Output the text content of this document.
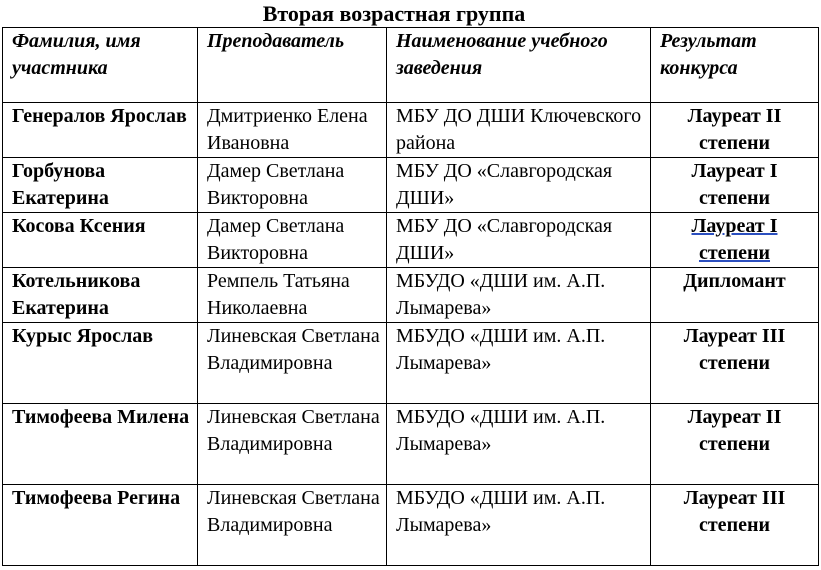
Вторая возрастная группа
Фамилия, имя участника	Преподаватель	Наименование учебного заведения	Результат конкурса
Генералов Ярослав	Дмитриенко Елена Ивановна	МБУ ДО ДШИ Ключевского района	Лауреат II степени
Горбунова Екатерина	Дамер Светлана Викторовна	МБУ ДО «Славгородская ДШИ»	Лауреат I степени
Косова Ксения	Дамер Светлана Викторовна	МБУ ДО «Славгородская ДШИ»	Лауреат I степени
Котельникова Екатерина	Ремпель Татьяна Николаевна	МБУДО «ДШИ им. А.П. Лымарева»	Дипломант
Курыс Ярослав	Линевская Светлана Владимировна	МБУДО «ДШИ им. А.П. Лымарева»	Лауреат III степени
Тимофеева Милена	Линевская Светлана Владимировна	МБУДО «ДШИ им. А.П. Лымарева»	Лауреат II степени
Тимофеева Регина	Линевская Светлана Владимировна	МБУДО «ДШИ им. А.П. Лымарева»	Лауреат III степени
